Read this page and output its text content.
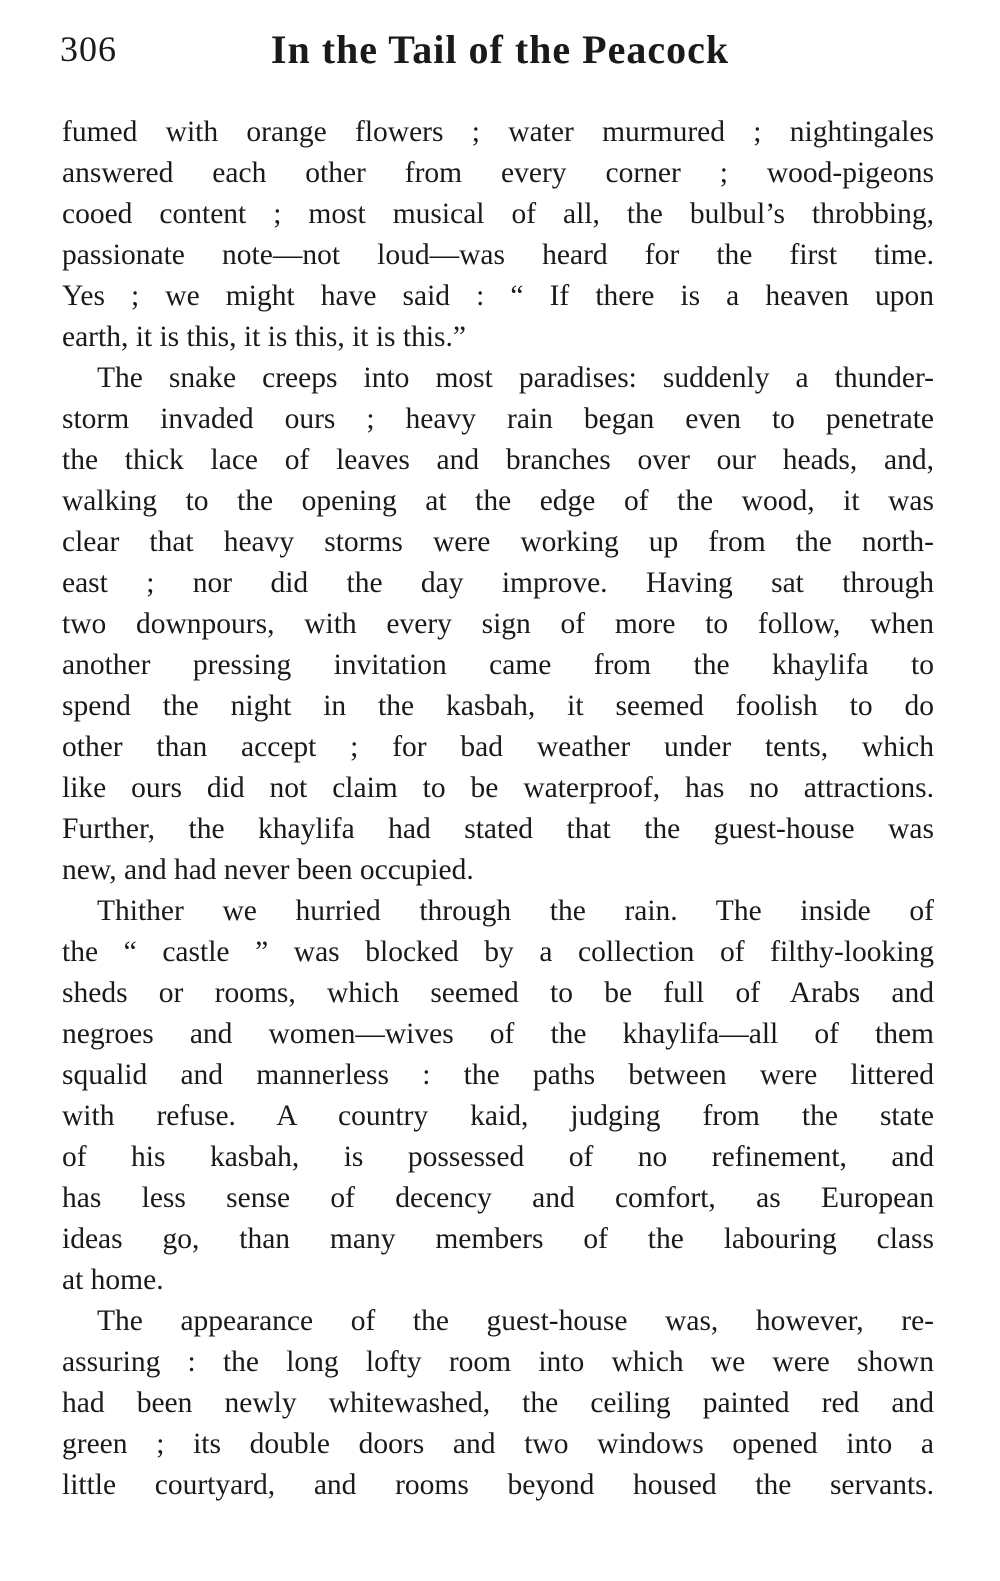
306	In the Tail of the Peacock
fumed with orange flowers ; water murmured ; nightingales
answered each other from every corner ; wood-pigeons
cooed content ; most musical of all, the bulbul’s throbbing,
passionate note—not loud—was heard for the first time.
Yes ; we might have said : “ If there is a heaven upon
earth, it is this, it is this, it is this.”
The snake creeps into most paradises: suddenly a thunder-
storm invaded ours ; heavy rain began even to penetrate
the thick lace of leaves and branches over our heads, and,
walking to the opening at the edge of the wood, it was
clear that heavy storms were working up from the north-
east ; nor did the day improve. Having sat through
two downpours, with every sign of more to follow, when
another pressing invitation came from the khaylifa to
spend the night in the kasbah, it seemed foolish to do
other than accept ; for bad weather under tents, which
like ours did not claim to be waterproof, has no attractions.
Further, the khaylifa had stated that the guest-house was
new, and had never been occupied.
Thither we hurried through the rain. The inside of
the “ castle ” was blocked by a collection of filthy-looking
sheds or rooms, which seemed to be full of Arabs and
negroes and women—wives of the khaylifa—all of them
squalid and mannerless : the paths between were littered
with refuse. A country kaid, judging from the state
of his kasbah, is possessed of no refinement, and
has less sense of decency and comfort, as European
ideas go, than many members of the labouring class
at home.
The appearance of the guest-house was, however, re-
assuring : the long lofty room into which we were shown
had been newly whitewashed, the ceiling painted red and
green ; its double doors and two windows opened into a
little courtyard, and rooms beyond housed the servants.
